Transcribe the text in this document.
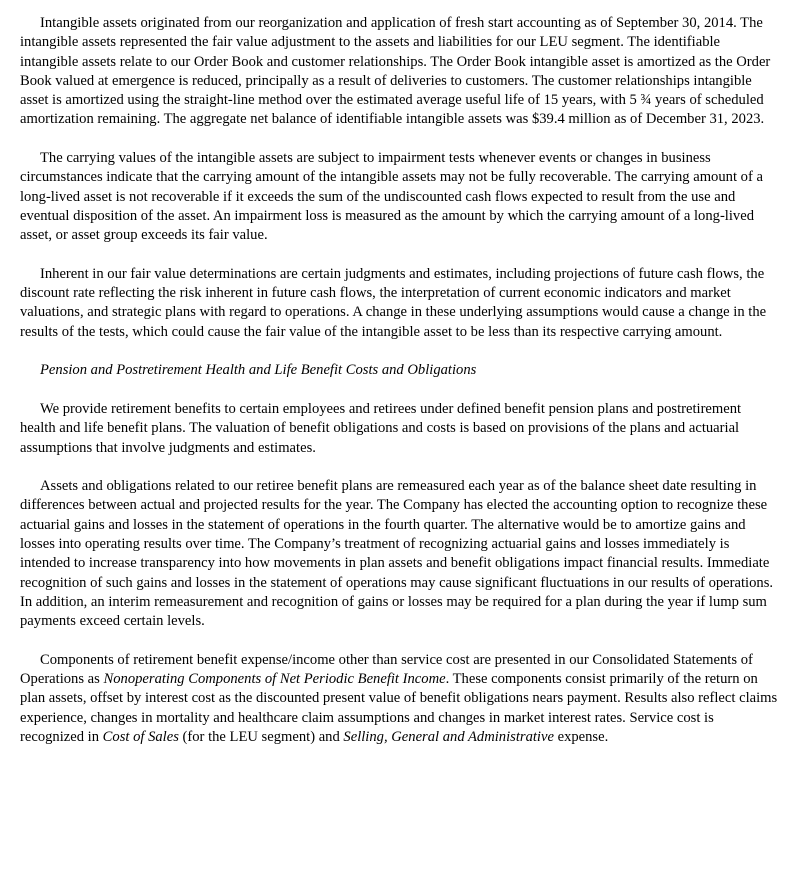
Intangible assets originated from our reorganization and application of fresh start accounting as of September 30, 2014. The intangible assets represented the fair value adjustment to the assets and liabilities for our LEU segment. The identifiable intangible assets relate to our Order Book and customer relationships. The Order Book intangible asset is amortized as the Order Book valued at emergence is reduced, principally as a result of deliveries to customers. The customer relationships intangible asset is amortized using the straight-line method over the estimated average useful life of 15 years, with 5 ¾ years of scheduled amortization remaining. The aggregate net balance of identifiable intangible assets was $39.4 million as of December 31, 2023.

The carrying values of the intangible assets are subject to impairment tests whenever events or changes in business circumstances indicate that the carrying amount of the intangible assets may not be fully recoverable. The carrying amount of a long-lived asset is not recoverable if it exceeds the sum of the undiscounted cash flows expected to result from the use and eventual disposition of the asset. An impairment loss is measured as the amount by which the carrying amount of a long-lived asset, or asset group exceeds its fair value.

Inherent in our fair value determinations are certain judgments and estimates, including projections of future cash flows, the discount rate reflecting the risk inherent in future cash flows, the interpretation of current economic indicators and market valuations, and strategic plans with regard to operations. A change in these underlying assumptions would cause a change in the results of the tests, which could cause the fair value of the intangible asset to be less than its respective carrying amount.

Pension and Postretirement Health and Life Benefit Costs and Obligations

We provide retirement benefits to certain employees and retirees under defined benefit pension plans and postretirement health and life benefit plans. The valuation of benefit obligations and costs is based on provisions of the plans and actuarial assumptions that involve judgments and estimates.

Assets and obligations related to our retiree benefit plans are remeasured each year as of the balance sheet date resulting in differences between actual and projected results for the year. The Company has elected the accounting option to recognize these actuarial gains and losses in the statement of operations in the fourth quarter. The alternative would be to amortize gains and losses into operating results over time. The Company’s treatment of recognizing actuarial gains and losses immediately is intended to increase transparency into how movements in plan assets and benefit obligations impact financial results. Immediate recognition of such gains and losses in the statement of operations may cause significant fluctuations in our results of operations. In addition, an interim remeasurement and recognition of gains or losses may be required for a plan during the year if lump sum payments exceed certain levels.

Components of retirement benefit expense/income other than service cost are presented in our Consolidated Statements of Operations as Nonoperating Components of Net Periodic Benefit Income. These components consist primarily of the return on plan assets, offset by interest cost as the discounted present value of benefit obligations nears payment. Results also reflect claims experience, changes in mortality and healthcare claim assumptions and changes in market interest rates. Service cost is recognized in Cost of Sales (for the LEU segment) and Selling, General and Administrative expense.
